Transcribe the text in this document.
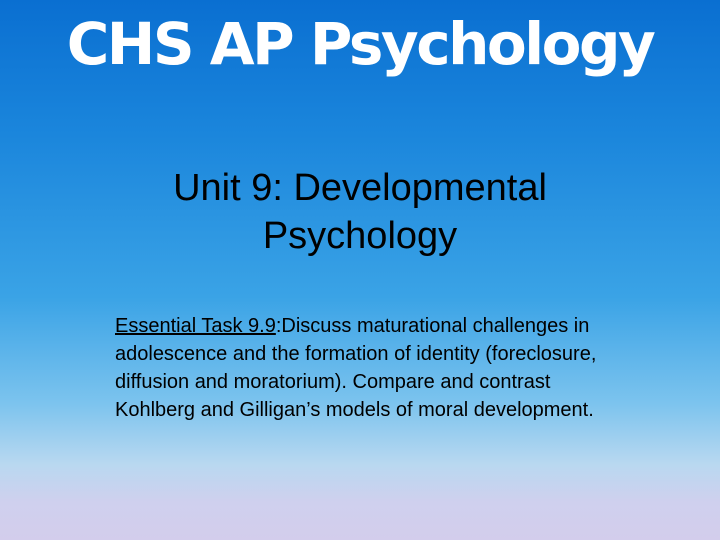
CHS AP Psychology
Unit 9: Developmental
Psychology
Essential Task 9.9:Discuss maturational challenges in adolescence and the formation of identity (foreclosure, diffusion and moratorium). Compare and contrast Kohlberg and Gilligan’s models of moral development.
